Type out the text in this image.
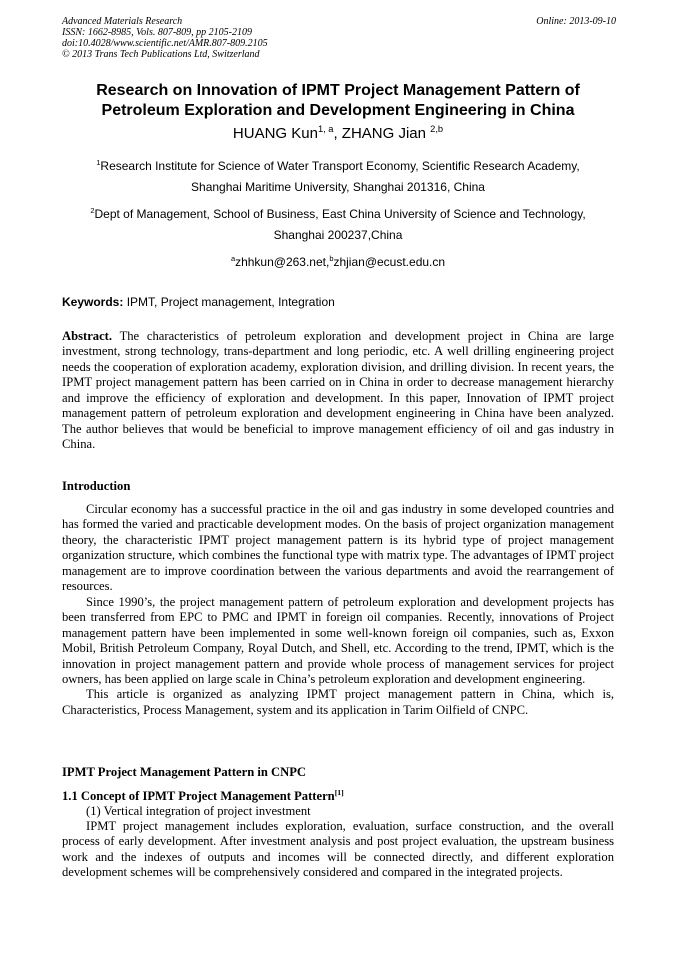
Advanced Materials Research
ISSN: 1662-8985, Vols. 807-809, pp 2105-2109
doi:10.4028/www.scientific.net/AMR.807-809.2105
© 2013 Trans Tech Publications Ltd, Switzerland
Online: 2013-09-10
Research on Innovation of IPMT Project Management Pattern of
Petroleum Exploration and Development Engineering in China
HUANG Kun$^{1, a}$, ZHANG Jian $^{2,b}$
$^1$Research Institute for Science of Water Transport Economy, Scientific Research Academy,
Shanghai Maritime University, Shanghai 201316, China
$^2$Dept of Management, School of Business, East China University of Science and Technology,
Shanghai 200237,China
$^a$zhhkun@263.net,$^b$zhjian@ecust.edu.cn
Keywords: IPMT, Project management, Integration
Abstract. The characteristics of petroleum exploration and development project in China are large investment, strong technology, trans-department and long periodic, etc. A well drilling engineering project needs the cooperation of exploration academy, exploration division, and drilling division. In recent years, the IPMT project management pattern has been carried on in China in order to decrease management hierarchy and improve the efficiency of exploration and development. In this paper, Innovation of IPMT project management pattern of petroleum exploration and development engineering in China have been analyzed. The author believes that would be beneficial to improve management efficiency of oil and gas industry in China.
Introduction

Circular economy has a successful practice in the oil and gas industry in some developed countries and has formed the varied and practicable development modes. On the basis of project organization management theory, the characteristic IPMT project management pattern is its hybrid type of project management organization structure, which combines the functional type with matrix type. The advantages of IPMT project management are to improve coordination between the various departments and avoid the rearrangement of resources.

Since 1990’s, the project management pattern of petroleum exploration and development projects has been transferred from EPC to PMC and IPMT in foreign oil companies. Recently, innovations of Project management pattern have been implemented in some well-known foreign oil companies, such as, Exxon Mobil, British Petroleum Company, Royal Dutch, and Shell, etc. According to the trend, IPMT, which is the innovation in project management pattern and provide whole process of management services for project owners, has been applied on large scale in China’s petroleum exploration and development engineering.

This article is organized as analyzing IPMT project management pattern in China, which is, Characteristics, Process Management, system and its application in Tarim Oilfield of CNPC.

IPMT Project Management Pattern in CNPC
1.1 Concept of IPMT Project Management Pattern[1]
(1) Vertical integration of project investment

IPMT project management includes exploration, evaluation, surface construction, and the overall process of early development. After investment analysis and post project evaluation, the upstream business work and the indexes of outputs and incomes will be connected directly, and different exploration development schemes will be comprehensively considered and compared in the integrated projects.
